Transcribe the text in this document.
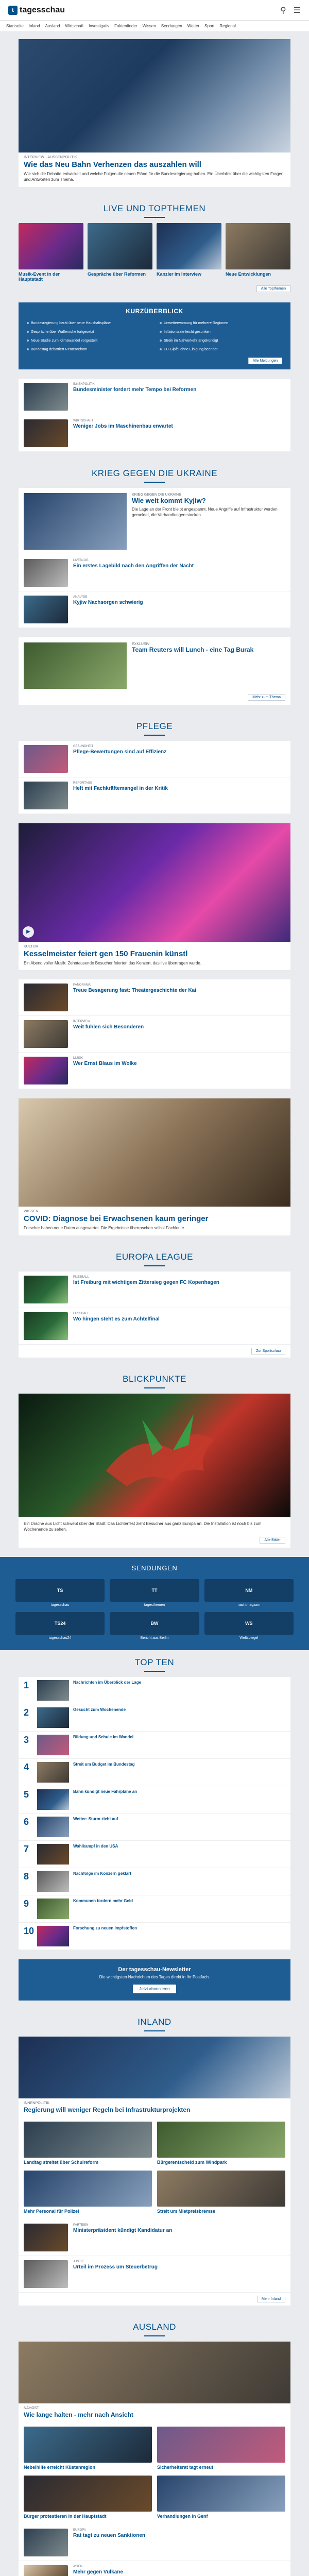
t tagesschau	⚲ ☰
Startseite Inland Ausland Wirtschaft Investigativ Faktenfinder Wissen Sendungen Wetter Sport Regional
INTERVIEW · AUSSENPOLITIK
Wie das Neu Bahn Verhenzen das auszahlen will
Wie sich die Debatte entwickelt und welche Folgen die neuen Pläne für die Bundesregierung haben. Ein Überblick über die wichtigsten Fragen und Antworten zum Thema.
LIVE UND TOPTHEMEN
Musik-Event in der Hauptstadt
Gespräche über Reformen	Kanzler im Interview	Neue Entwicklungen
Alle Topthemen
KURZÜBERBLICK
Bundesregierung berät über neue Haushaltspläne	Unwetterwarnung für mehrere Regionen
Gespräche über Waffenruhe fortgesetzt	Inflationsrate leicht gesunken
Neue Studie zum Klimawandel vorgestellt	Streik im Nahverkehr angekündigt
Bundestag debattiert Rentenreform	EU-Gipfel ohne Einigung beendet
Alle Meldungen
INNENPOLITIK
Bundesminister fordert mehr Tempo bei Reformen
WIRTSCHAFT
Weniger Jobs im Maschinenbau erwartet
KRIEG GEGEN DIE UKRAINE
KRIEG GEGEN DIE UKRAINE
Wie weit kommt Kyjiw?
Die Lage an der Front bleibt angespannt. Neue Angriffe auf Infrastruktur werden gemeldet, die Verhandlungen stocken.
LIVEBLOG
Ein erstes Lagebild nach den Angriffen der Nacht
ANALYSE
Kyjiw Nachsorgen schwierig
EXKLUSIV
Team Reuters will Lunch - eine Tag Burak
Mehr zum Thema
PFLEGE
GESUNDHEIT
Pflege-Bewertungen sind auf Effizienz
REPORTAGE
Heft mit Fachkräftemangel in der Kritik
▶
KULTUR
Kesselmeister feiert gen 150 Frauenin künstl
Ein Abend voller Musik: Zehntausende Besucher feierten das Konzert, das live übertragen wurde.
PANORAMA
Treue Besagerung fast: Theatergeschichte der Kai
INTERVIEW
Weit fühlen sich Besonderen
MUSIK
Wer Ernst Blaus im Wolke
WISSEN
COVID: Diagnose bei Erwachsenen kaum geringer
Forscher haben neue Daten ausgewertet. Die Ergebnisse überraschen selbst Fachleute.
EUROPA LEAGUE
FUSSBALL
Ist Freiburg mit wichtigem Zittersieg gegen FC Kopenhagen
FUSSBALL
Wo hingen steht es zum Achtelfinal
Zur Sportschau
BLICKPUNKTE
Ein Drache aus Licht schwebt über der Stadt: Das Lichterfest zieht Besucher aus ganz Europa an. Die Installation ist noch bis zum Wochenende zu sehen.
Alle Bilder
SENDUNGEN
TS
tagesschau
TT
tagesthemen
NM
nachtmagazin
TS24
tagesschau24
BW
Bericht aus Berlin
WS
Weltspiegel
TOP TEN
1	Nachrichten im Überblick der Lage
2	Gesucht zum Wochenende
3	Bildung und Schule im Wandel
4	Streit um Budget im Bundestag
5	Bahn kündigt neue Fahrpläne an
6	Wetter: Sturm zieht auf
7	Wahlkampf in den USA
8	Nachfolge im Konzern geklärt
9	Kommunen fordern mehr Geld
10	Forschung zu neuen Impfstoffen
Der tagesschau-Newsletter
Die wichtigsten Nachrichten des Tages direkt in Ihr Postfach.
Jetzt abonnieren
INLAND
INNENPOLITIK
Regierung will weniger Regeln bei Infrastrukturprojekten
Landtag streitet über Schulreform	Bürgerentscheid zum Windpark
Mehr Personal für Polizei	Streit um Mietpreisbremse
PARTEIEN
Ministerpräsident kündigt Kandidatur an
JUSTIZ
Urteil im Prozess um Steuerbetrug
Mehr Inland
AUSLAND
NAHOST
Wie lange halten - mehr nach Ansicht
Nebelhilfe erreicht Küstenregion	Sicherheitsrat tagt erneut
Bürger protestieren in der Hauptstadt	Verhandlungen in Genf
EUROPA
Rat tagt zu neuen Sanktionen
ASIEN
Mehr gegen Vulkane
